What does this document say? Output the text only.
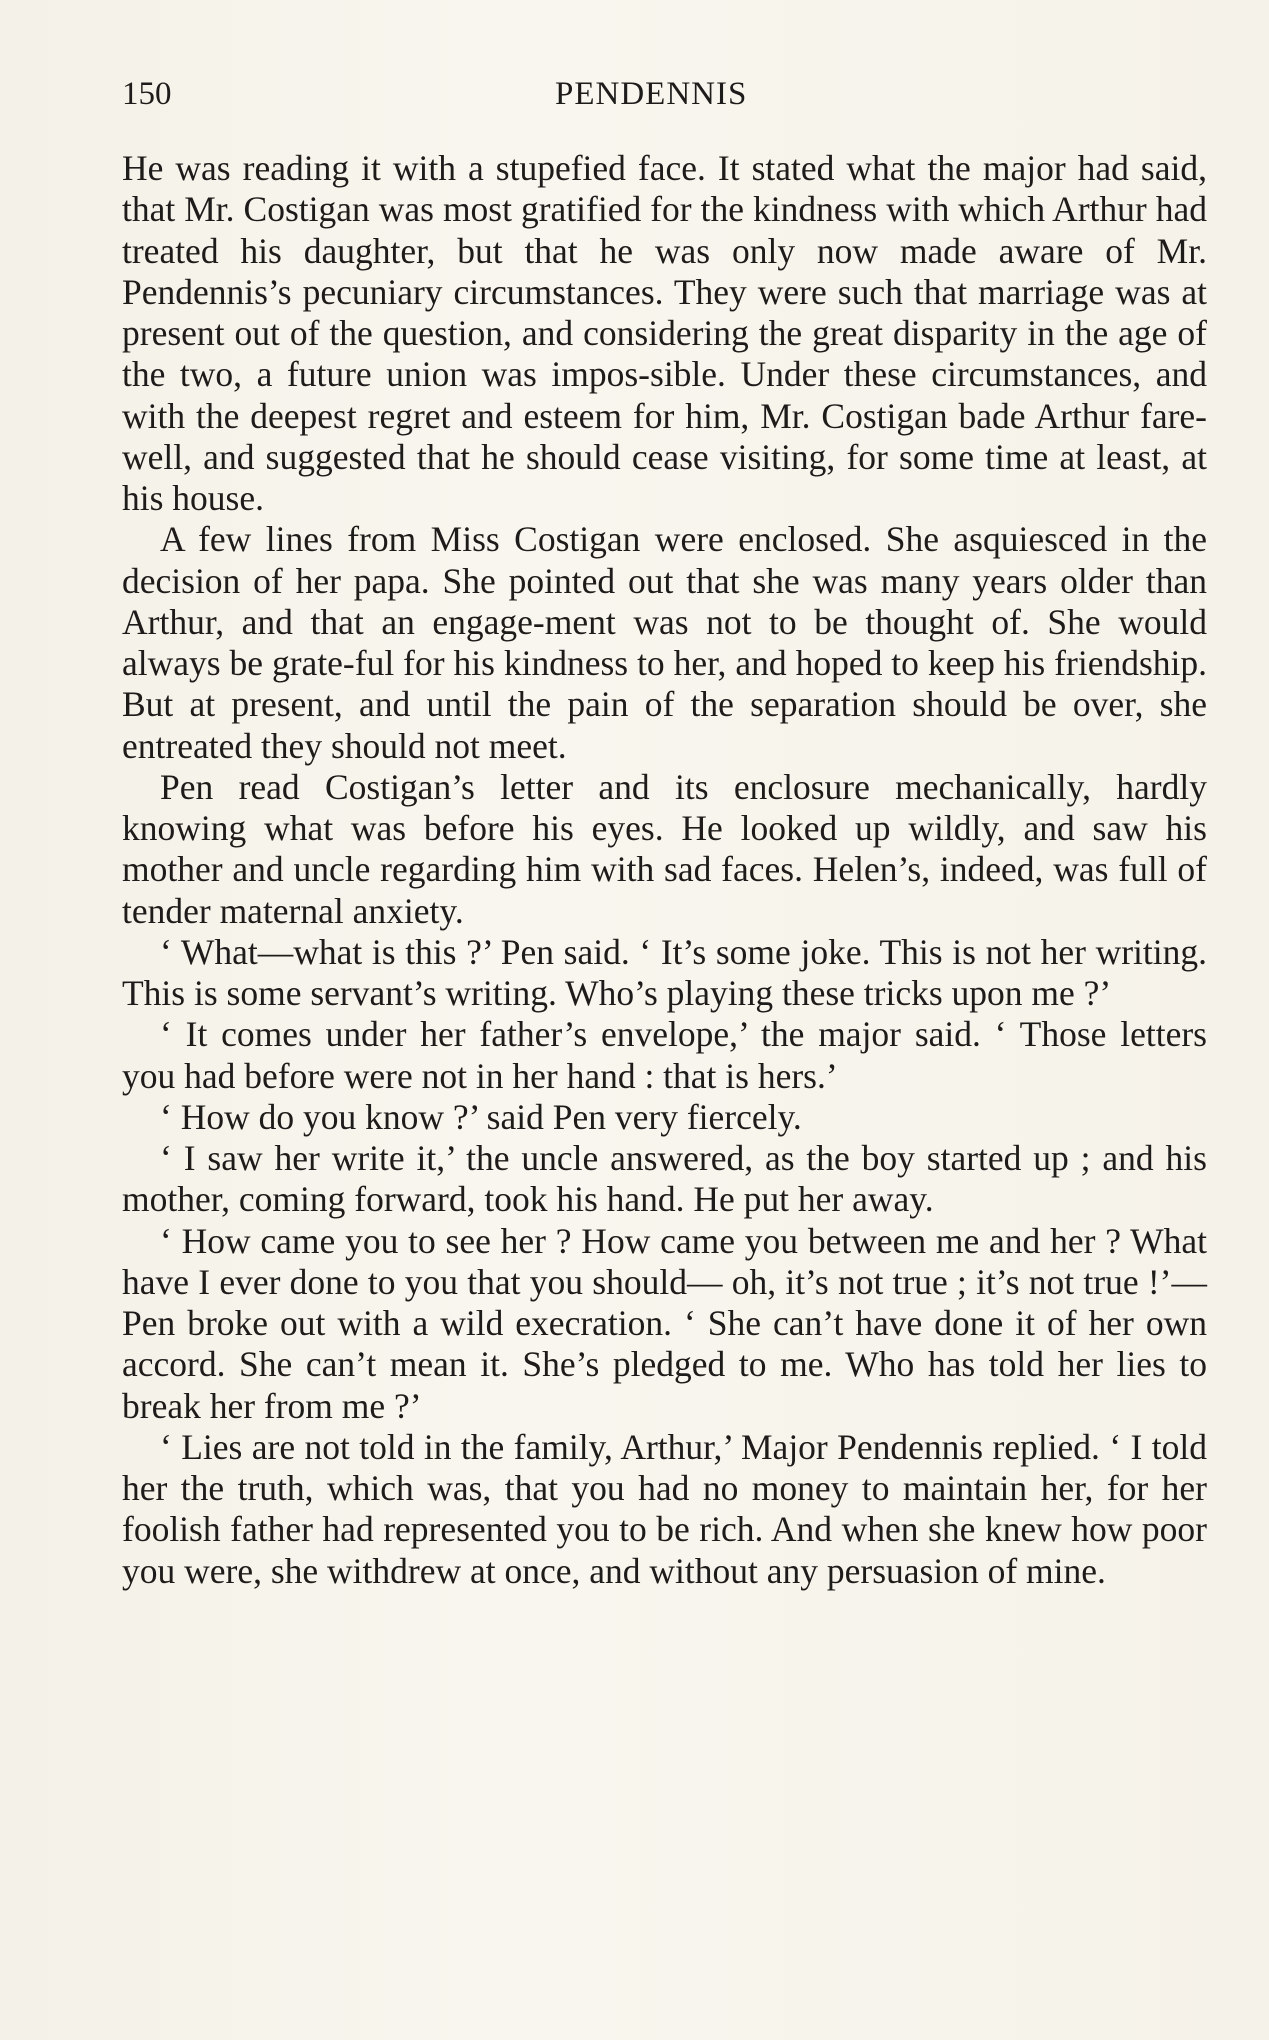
150	PENDENNIS

He was reading it with a stupefied face. It stated what the major had said, that Mr. Costigan was most gratified for the kindness with which Arthur had treated his daughter, but that he was only now made aware of Mr. Pendennis’s pecuniary circumstances. They were such that marriage was at present out of the question, and considering the great disparity in the age of the two, a future union was impos-sible. Under these circumstances, and with the deepest regret and esteem for him, Mr. Costigan bade Arthur fare-well, and suggested that he should cease visiting, for some time at least, at his house.

A few lines from Miss Costigan were enclosed. She asquiesced in the decision of her papa. She pointed out that she was many years older than Arthur, and that an engage-ment was not to be thought of. She would always be grate-ful for his kindness to her, and hoped to keep his friendship. But at present, and until the pain of the separation should be over, she entreated they should not meet.

Pen read Costigan’s letter and its enclosure mechanically, hardly knowing what was before his eyes. He looked up wildly, and saw his mother and uncle regarding him with sad faces. Helen’s, indeed, was full of tender maternal anxiety.

‘ What—what is this ?’ Pen said. ‘ It’s some joke. This is not her writing. This is some servant’s writing. Who’s playing these tricks upon me ?’

‘ It comes under her father’s envelope,’ the major said. ‘ Those letters you had before were not in her hand : that is hers.’

‘ How do you know ?’ said Pen very fiercely.

‘ I saw her write it,’ the uncle answered, as the boy started up ; and his mother, coming forward, took his hand. He put her away.

‘ How came you to see her ? How came you between me and her ? What have I ever done to you that you should— oh, it’s not true ; it’s not true !’—Pen broke out with a wild execration. ‘ She can’t have done it of her own accord. She can’t mean it. She’s pledged to me. Who has told her lies to break her from me ?’

‘ Lies are not told in the family, Arthur,’ Major Pendennis replied. ‘ I told her the truth, which was, that you had no money to maintain her, for her foolish father had represented you to be rich. And when she knew how poor you were, she withdrew at once, and without any persuasion of mine.
